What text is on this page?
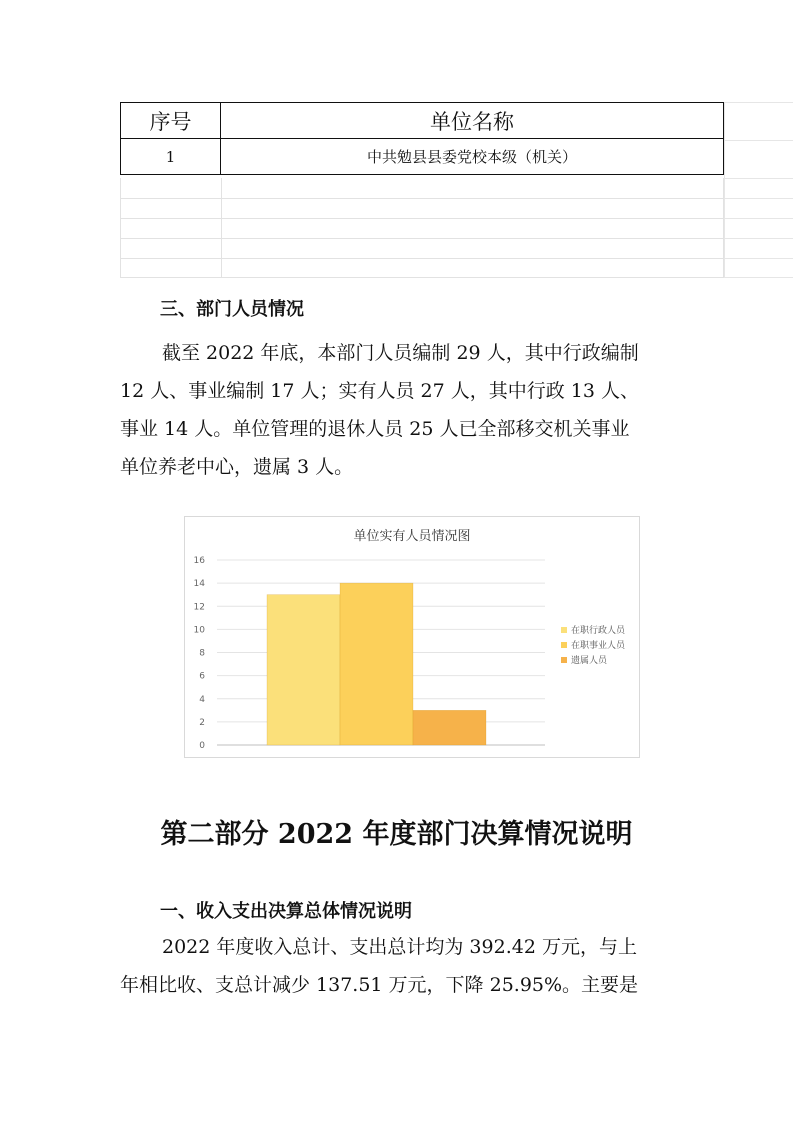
序号	单位名称
1	中共勉县县委党校本级（机关）
三、部门人员情况
截至 2022 年底，本部门人员编制 29 人，其中行政编制
12 人、事业编制 17 人；实有人员 27 人，其中行政 13 人、
事业 14 人。单位管理的退休人员 25 人已全部移交机关事业
单位养老中心，遗属 3 人。
单位实有人员情况图
0
2
4
6
8
10
12
14
16
在职行政人员
在职事业人员
遗属人员
第二部分 2022 年度部门决算情况说明
一、收入支出决算总体情况说明
2022 年度收入总计、支出总计均为 392.42 万元，与上
年相比收、支总计减少 137.51 万元，下降 25.95%。主要是
